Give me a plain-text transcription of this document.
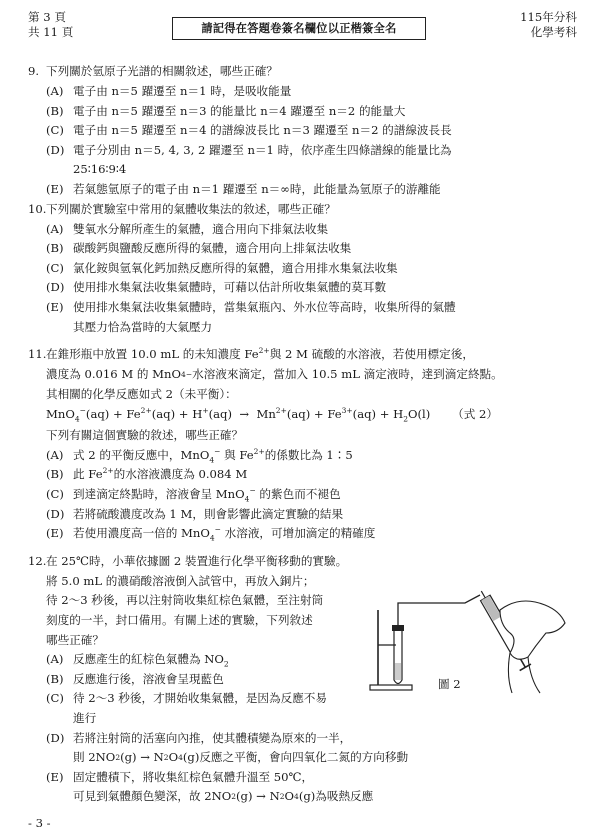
第 3 頁
共 11 頁	請記得在答題卷簽名欄位以正楷簽全名
115年分科
化學考科
9. 下列關於氫原子光譜的相關敘述，哪些正確？
(A) 電子由 n＝5 躍遷至 n＝1 時，是吸收能量
(B) 電子由 n＝5 躍遷至 n＝3 的能量比 n＝4 躍遷至 n＝2 的能量大
(C) 電子由 n＝5 躍遷至 n＝4 的譜線波長比 n＝3 躍遷至 n＝2 的譜線波長長
(D) 電子分別由 n＝5, 4, 3, 2 躍遷至 n＝1 時，依序產生四條譜線的能量比為
25∶16∶9∶4
(E) 若氣態氫原子的電子由 n＝1 躍遷至 n＝∞時，此能量為氫原子的游離能
10. 下列關於實驗室中常用的氣體收集法的敘述，哪些正確？
(A) 雙氧水分解所產生的氣體，適合用向下排氣法收集
(B) 碳酸鈣與鹽酸反應所得的氣體，適合用向上排氣法收集
(C) 氯化銨與氫氧化鈣加熱反應所得的氣體，適合用排水集氣法收集
(D) 使用排水集氣法收集氣體時，可藉以估計所收集氣體的莫耳數
(E) 使用排水集氣法收集氣體時，當集氣瓶內、外水位等高時，收集所得的氣體
其壓力恰為當時的大氣壓力
11. 在錐形瓶中放置 10.0 mL 的未知濃度 $Fe^{2+}$與 2 M 硫酸的水溶液，若使用標定後，
濃度為 0.016 M 的 MnO 4 − 水溶液來滴定，當加入 10.5 mL 滴定液時，達到滴定終點。
其相關的化學反應如式 2（未平衡）：
$MnO_4^-(aq) + Fe^{2+}(aq) + H^+(aq) \to Mn^{2+}(aq) + Fe^{3+}(aq) + H_2O(l)$ （式 2）
下列有關這個實驗的敘述，哪些正確？
(A) 式 2 的平衡反應中，MnO$_4$− 與 $Fe^{2+}$的係數比為 1∶5
(B) 此 $Fe^{2+}$的水溶液濃度為 0.084 M
(C) 到達滴定終點時，溶液會呈 MnO$_4$− 的紫色而不褪色
(D) 若將硫酸濃度改為 1 M，則會影響此滴定實驗的結果
(E) 若使用濃度高一倍的 MnO$_4$− 水溶液，可增加滴定的精確度
12. 在 25℃時，小華依據圖 2 裝置進行化學平衡移動的實驗。
將 5.0 mL 的濃硝酸溶液倒入試管中，再放入銅片；
待 2～3 秒後，再以注射筒收集紅棕色氣體，至注射筒
刻度的一半，封口備用。有關上述的實驗，下列敘述
哪些正確？
(A) 反應產生的紅棕色氣體為 $NO_2$
(B) 反應進行後，溶液會呈現藍色
(C) 待 2～3 秒後，才開始收集氣體，是因為反應不易
進行
(D) 若將注射筒的活塞向內推，使其體積變為原來的一半，
則 2NO 2 (g) → N 2 O 4 (g)反應之平衡，會向四氧化二氮的方向移動
(E) 固定體積下，將收集紅棕色氣體升溫至 50℃，
可見到氣體顏色變深，故 2NO 2 (g) → N 2 O 4 (g)為吸熱反應
圖 2
- 3 -
